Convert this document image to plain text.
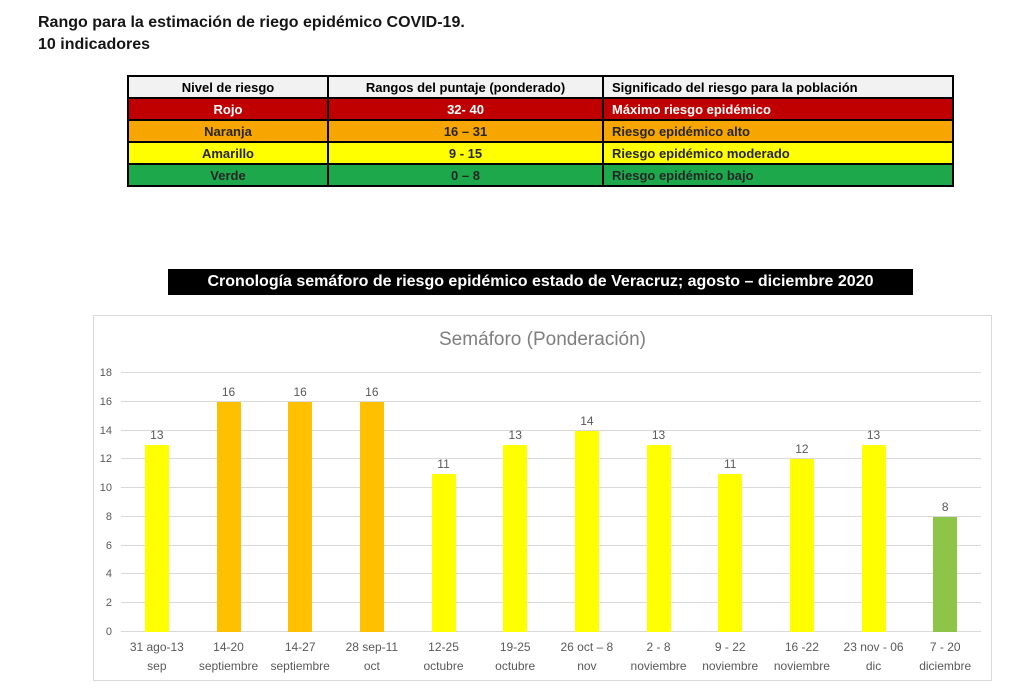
Rango para la estimación de riego epidémico COVID-19.
10 indicadores
Nivel de riesgo	Rangos del puntaje (ponderado)	Significado del riesgo para la población
Rojo	32- 40	Máximo riesgo epidémico
Naranja	16 – 31	Riesgo epidémico alto
Amarillo	9 - 15	Riesgo epidémico moderado
Verde	0 – 8	Riesgo epidémico bajo
Cronología semáforo de riesgo epidémico estado de Veracruz; agosto – diciembre 2020
Semáforo (Ponderación)
0
2
4
6
8
10
12
14
16
18
13
16	16	16
11
13
14
13
11
12
13
8
31 ago-13
sep
14-20
septiembre
14-27
septiembre
28 sep-11
oct
12-25
octubre
19-25
octubre
26 oct – 8
nov
2 - 8
noviembre
9 - 22
noviembre
16 -22
noviembre
23 nov - 06
dic
7 - 20
diciembre
